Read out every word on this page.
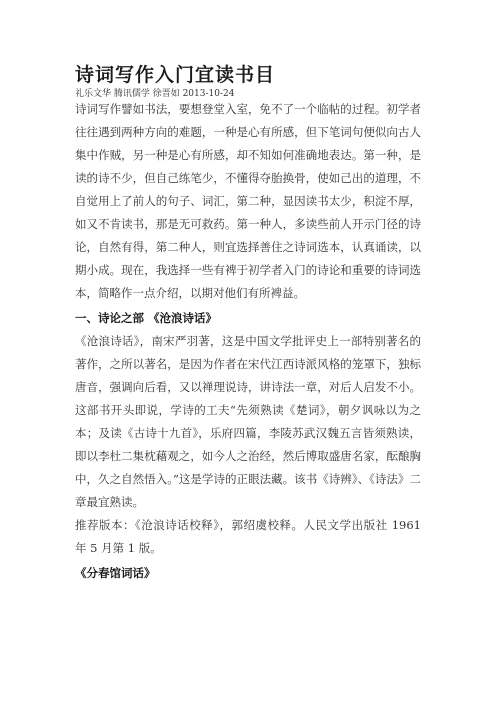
诗词写作入门宜读书目
礼乐文华 腾讯儒学 徐晋如 2013-10-24

诗词写作譬如书法，要想登堂入室，免不了一个临帖的过程。初学者往往遇到两种方向的难题，一种是心有所感，但下笔词句便似向古人集中作贼，另一种是心有所感，却不知如何准确地表达。第一种，是读的诗不少，但自己练笔少，不懂得夺胎换骨，使如己出的道理，不自觉用上了前人的句子、词汇，第二种，显因读书太少，积淀不厚，如又不肯读书，那是无可救药。第一种人，多读些前人开示门径的诗论，自然有得，第二种人，则宜选择善住之诗词选本，认真诵读，以期小成。现在，我选择一些有裨于初学者入门的诗论和重要的诗词选本，简略作一点介绍，以期对他们有所裨益。

一、诗论之部 《沧浪诗话》

《沧浪诗话》，南宋严羽著，这是中国文学批评史上一部特别著名的著作，之所以著名，是因为作者在宋代江西诗派风格的笼罩下，独标唐音，强调向后看，又以禅理说诗，讲诗法一章，对后人启发不小。这部书开头即说，学诗的工夫“先须熟读《楚词》，朝夕讽咏以为之本；及读《古诗十九首》，乐府四篇，李陵苏武汉魏五言皆须熟读，即以李杜二集枕藉观之，如今人之治经，然后博取盛唐名家，酝酿胸中，久之自然悟入。”这是学诗的正眼法藏。该书《诗辨》、《诗法》二章最宜熟读。

推荐版本：《沧浪诗话校释》，郭绍虞校释。人民文学出版社 1961 年 5 月第 1 版。

《分春馆词话》
